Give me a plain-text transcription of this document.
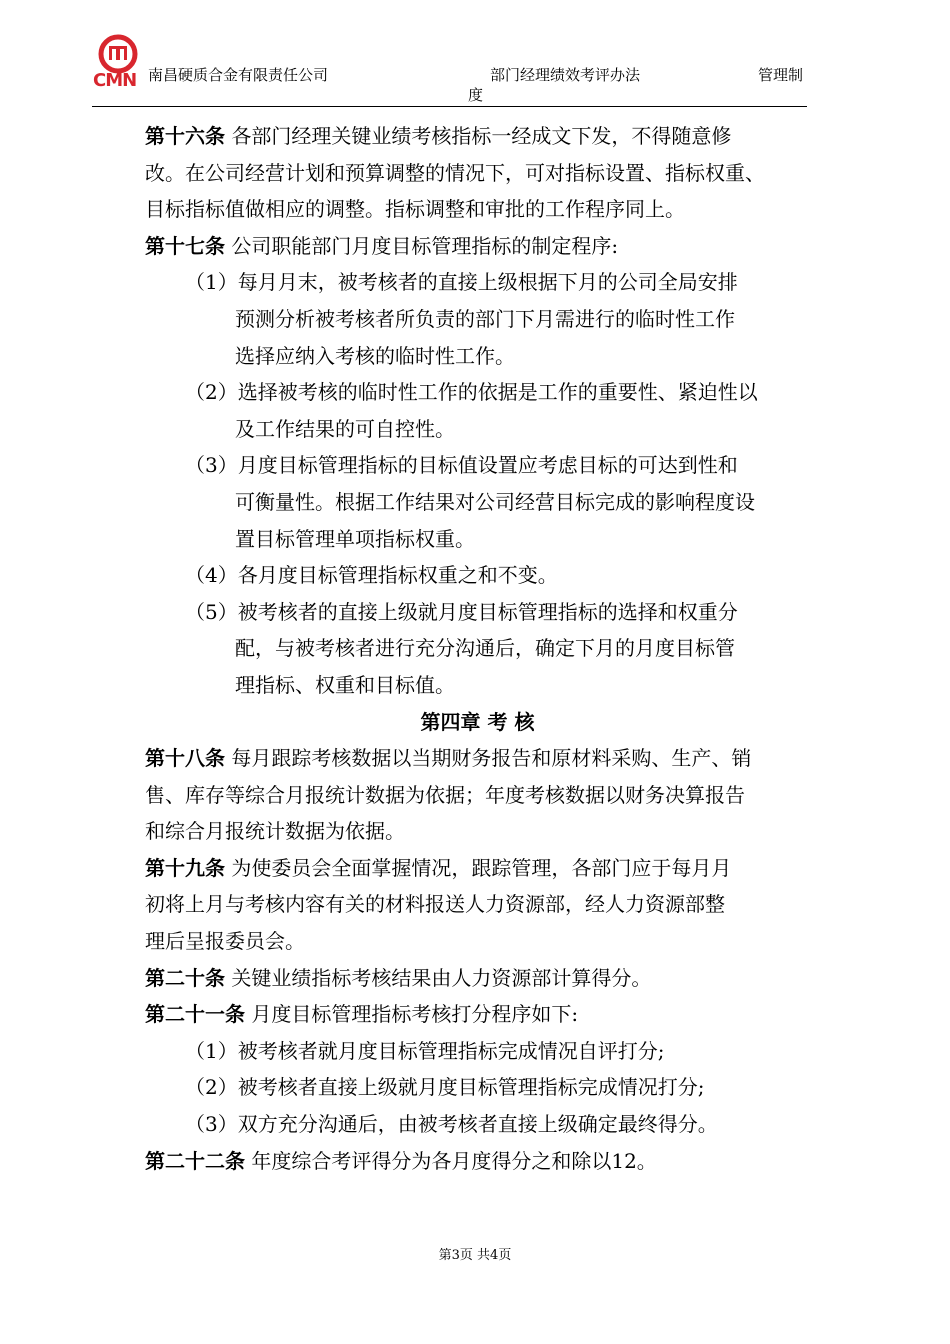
CMN 南昌硬质合金有限责任公司	部门经理绩效考评办法
度
管理制
第十六条 各部门经理关键业绩考核指标一经成文下发，不得随意修
改。在公司经营计划和预算调整的情况下，可对指标设置、指标权重、
目标指标值做相应的调整。指标调整和审批的工作程序同上。
第十七条 公司职能部门月度目标管理指标的制定程序:
（1）每月月末，被考核者的直接上级根据下月的公司全局安排
预测分析被考核者所负责的部门下月需进行的临时性工作
选择应纳入考核的临时性工作。
（2）选择被考核的临时性工作的依据是工作的重要性、紧迫性以
及工作结果的可自控性。
（3）月度目标管理指标的目标值设置应考虑目标的可达到性和
可衡量性。根据工作结果对公司经营目标完成的影响程度设
置目标管理单项指标权重。
（4）各月度目标管理指标权重之和不变。
（5）被考核者的直接上级就月度目标管理指标的选择和权重分
配，与被考核者进行充分沟通后，确定下月的月度目标管
理指标、权重和目标值。
第四章 考 核
第十八条 每月跟踪考核数据以当期财务报告和原材料采购、生产、销
售、库存等综合月报统计数据为依据；年度考核数据以财务决算报告
和综合月报统计数据为依据。
第十九条 为使委员会全面掌握情况，跟踪管理，各部门应于每月月
初将上月与考核内容有关的材料报送人力资源部，经人力资源部整
理后呈报委员会。
第二十条 关键业绩指标考核结果由人力资源部计算得分。
第二十一条 月度目标管理指标考核打分程序如下:
（1）被考核者就月度目标管理指标完成情况自评打分;
（2）被考核者直接上级就月度目标管理指标完成情况打分;
（3）双方充分沟通后，由被考核者直接上级确定最终得分。
第二十二条 年度综合考评得分为各月度得分之和除以12。
第3页 共4页
